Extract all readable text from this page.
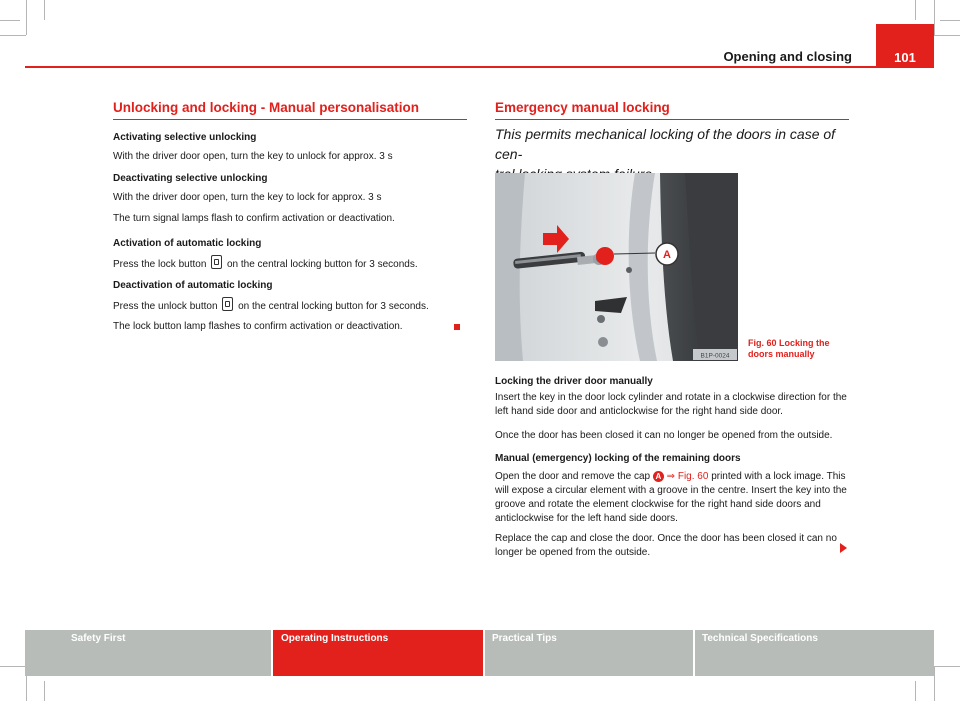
Opening and closing	101
Unlocking and locking - Manual personalisation
Activating selective unlocking
With the driver door open, turn the key to unlock for approx. 3 s
Deactivating selective unlocking
With the driver door open, turn the key to lock for approx. 3 s
The turn signal lamps flash to confirm activation or deactivation.
Activation of automatic locking
Press the lock button on the central locking button for 3 seconds.
Deactivation of automatic locking
Press the unlock button on the central locking button for 3 seconds.
The lock button lamp flashes to confirm activation or deactivation.
Emergency manual locking
This permits mechanical locking of the doors in case of cen-

A
B1P-0024
Fig. 60 Locking the
doors manually
Locking the driver door manually
Insert the key in the door lock cylinder and rotate in a clockwise direction for the left hand side door and anticlockwise for the right hand side door.
Once the door has been closed it can no longer be opened from the outside.
Manual (emergency) locking of the remaining doors
Open the door and remove the cap A ⇒ Fig. 60 printed with a lock image. This will expose a circular element with a groove in the centre. Insert the key into the groove and rotate the element clockwise for the right hand side doors and anticlockwise for the left hand side doors.
Replace the cap and close the door. Once the door has been closed it can no longer be opened from the outside.
Safety First	Operating Instructions	Practical Tips	Technical Specifications
